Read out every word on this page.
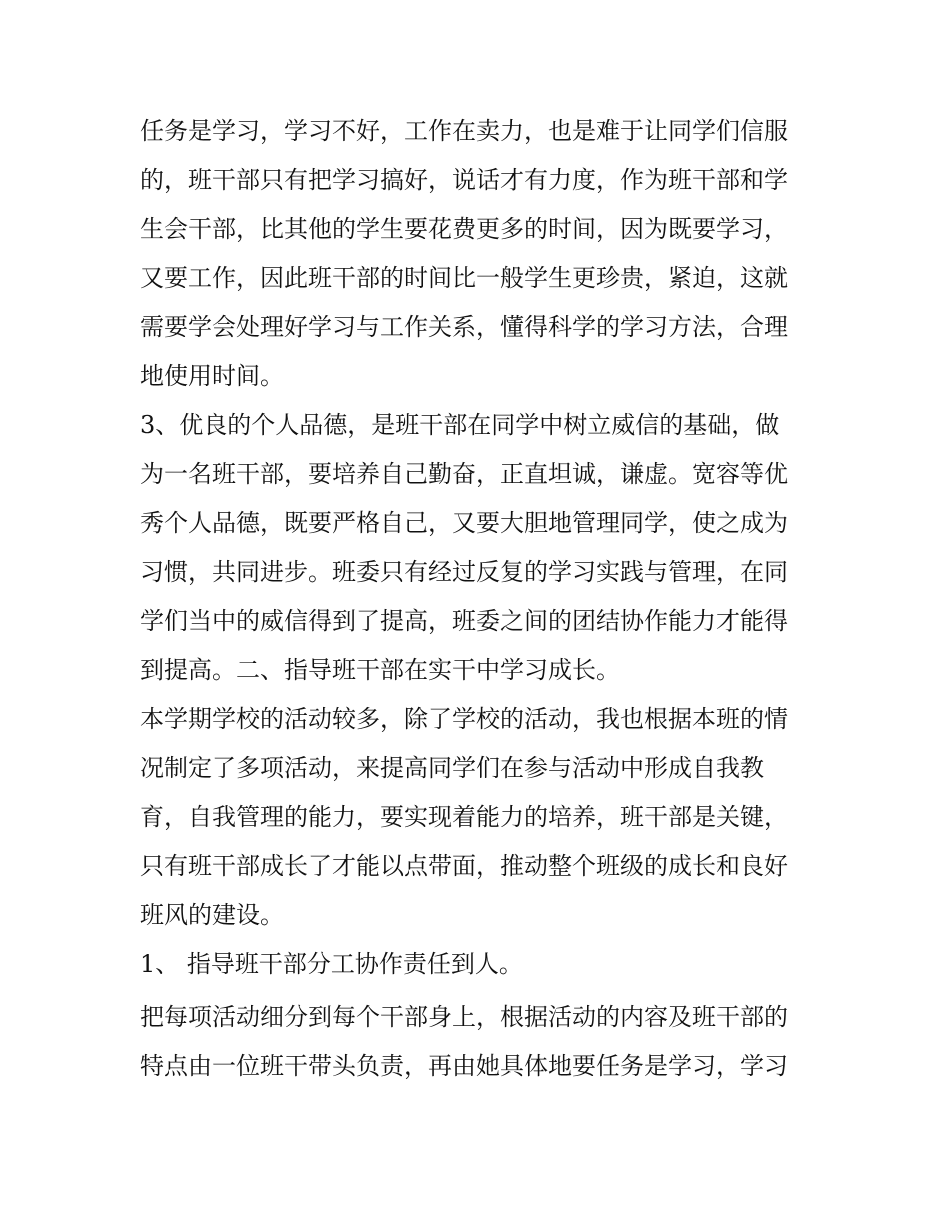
任务是学习，学习不好，工作在卖力，也是难于让同学们信服

的，班干部只有把学习搞好，说话才有力度，作为班干部和学

生会干部，比其他的学生要花费更多的时间，因为既要学习，

又要工作，因此班干部的时间比一般学生更珍贵，紧迫，这就

需要学会处理好学习与工作关系，懂得科学的学习方法，合理

地使用时间。

3、优良的个人品德，是班干部在同学中树立威信的基础，做

为一名班干部，要培养自己勤奋，正直坦诚，谦虚。宽容等优

秀个人品德，既要严格自己，又要大胆地管理同学，使之成为

习惯，共同进步。班委只有经过反复的学习实践与管理，在同

学们当中的威信得到了提高，班委之间的团结协作能力才能得

到提高。二、指导班干部在实干中学习成长。

本学期学校的活动较多，除了学校的活动，我也根据本班的情

况制定了多项活动，来提高同学们在参与活动中形成自我教

育，自我管理的能力，要实现着能力的培养，班干部是关键，

只有班干部成长了才能以点带面，推动整个班级的成长和良好

班风的建设。

1、 指导班干部分工协作责任到人。

把每项活动细分到每个干部身上，根据活动的内容及班干部的

特点由一位班干带头负责，再由她具体地要任务是学习，学习
